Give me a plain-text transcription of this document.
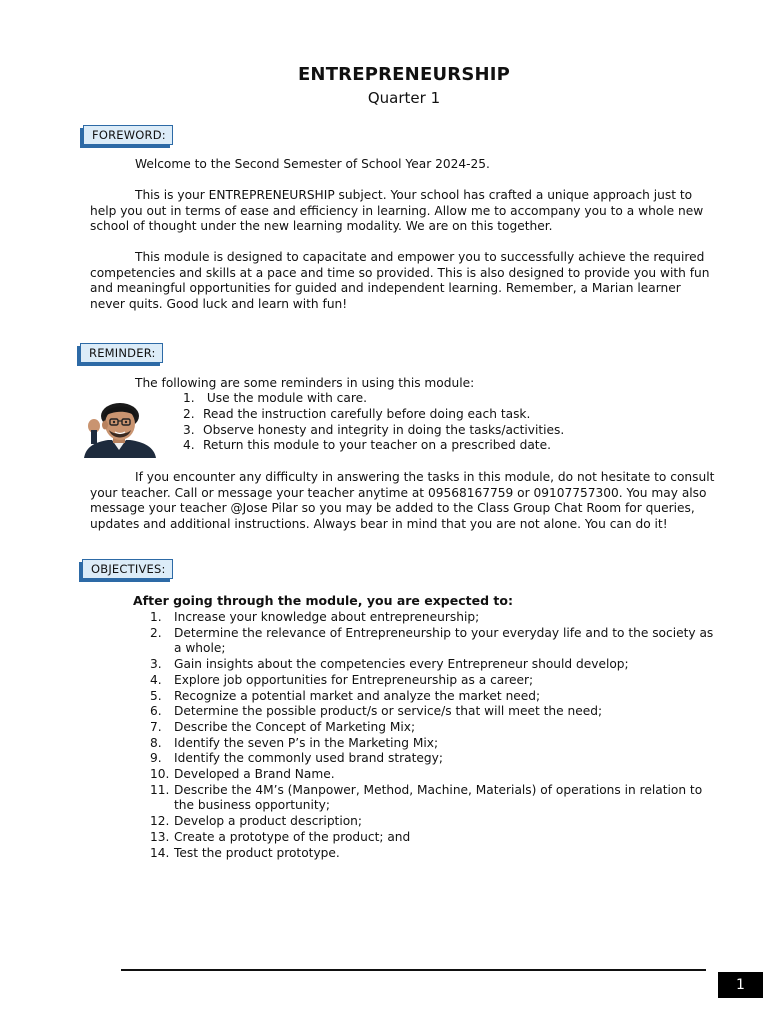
ENTREPRENEURSHIP
Quarter 1
FOREWORD:

Welcome to the Second Semester of School Year 2024-25.

This is your ENTREPRENEURSHIP subject. Your school has crafted a unique approach just to help you out in terms of ease and efficiency in learning. Allow me to accompany you to a whole new school of thought under the new learning modality. We are on this together.

This module is designed to capacitate and empower you to successfully achieve the required competencies and skills at a pace and time so provided. This is also designed to provide you with fun and meaningful opportunities for guided and independent learning. Remember, a Marian learner never quits. Good luck and learn with fun!

REMINDER:

The following are some reminders in using this module:

1. Use the module with care.
2. Read the instruction carefully before doing each task.
3. Observe honesty and integrity in doing the tasks/activities.
4. Return this module to your teacher on a prescribed date.

If you encounter any difficulty in answering the tasks in this module, do not hesitate to consult your teacher. Call or message your teacher anytime at 09568167759 or 09107757300. You may also message your teacher @Jose Pilar so you may be added to the Class Group Chat Room for queries, updates and additional instructions. Always bear in mind that you are not alone. You can do it!

OBJECTIVES:
After going through the module, you are expected to:
1. Increase your knowledge about entrepreneurship;
2. Determine the relevance of Entrepreneurship to your everyday life and to the society as a whole;
3. Gain insights about the competencies every Entrepreneur should develop;
4. Explore job opportunities for Entrepreneurship as a career;
5. Recognize a potential market and analyze the market need;
6. Determine the possible product/s or service/s that will meet the need;
7. Describe the Concept of Marketing Mix;
8. Identify the seven P’s in the Marketing Mix;
9. Identify the commonly used brand strategy;
10. Developed a Brand Name.
11. Describe the 4M’s (Manpower, Method, Machine, Materials) of operations in relation to the business opportunity;
12. Develop a product description;
13. Create a prototype of the product; and
14. Test the product prototype.
1
